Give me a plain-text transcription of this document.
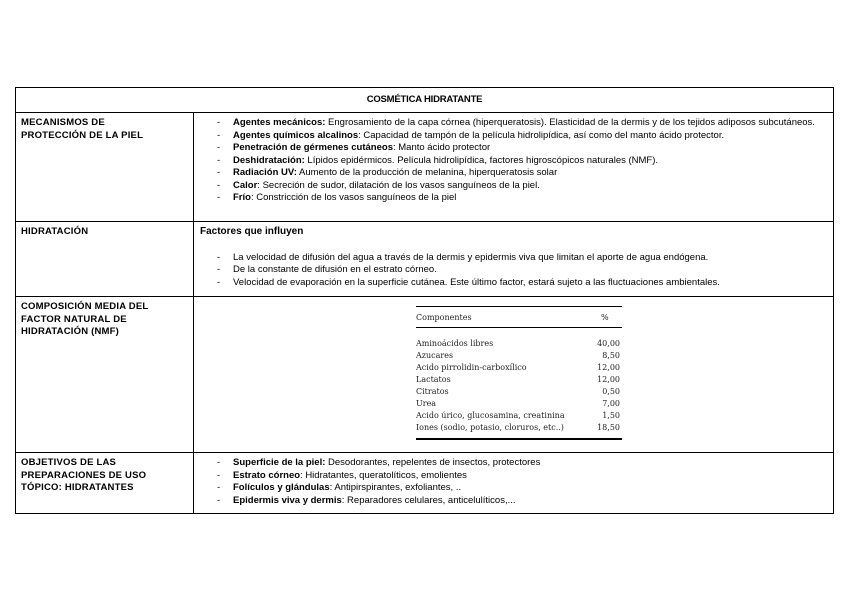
COSMÉTICA HIDRATANTE

MECANISMOS DE
PROTECCIÓN DE LA PIEL

- Agentes mecánicos: Engrosamiento de la capa córnea (hiperqueratosis). Elasticidad de la dermis y de los tejidos adiposos subcutáneos.
- Agentes químicos alcalinos: Capacidad de tampón de la película hidrolipídica, así como del manto ácido protector.
- Penetración de gérmenes cutáneos: Manto ácido protector
- Deshidratación: Lípidos epidérmicos. Película hidrolipídica, factores higroscópicos naturales (NMF).
- Radiación UV: Aumento de la producción de melanina, hiperqueratosis solar
- Calor: Secreción de sudor, dilatación de los vasos sanguíneos de la piel.
- Frío: Constricción de los vasos sanguíneos de la piel

HIDRATACIÓN	Factores que influyen
- La velocidad de difusión del agua a través de la dermis y epidermis viva que limitan el aporte de agua endógena.
- De la constante de difusión en el estrato córneo.
- Velocidad de evaporación en la superficie cutánea. Este último factor, estará sujeto a las fluctuaciones ambientales.

COMPOSICIÓN MEDIA DEL
FACTOR NATURAL DE
HIDRATACIÓN (NMF)

Componentes	%

Aminoácidos libres	40,00
Azucares	8,50
Acido pirrolidin-carboxílico	12,00
Lactatos	12,00
Citratos	0,50
Urea	7,00
Acido úrico, glucosamina, creatinina	1,50
Iones (sodio, potasio, cloruros, etc..)	18,50

OBJETIVOS DE LAS
PREPARACIONES DE USO
TÓPICO: HIDRATANTES

- Superficie de la piel: Desodorantes, repelentes de insectos, protectores
- Estrato córneo: Hidratantes, queratolíticos, emolientes
- Folículos y glándulas: Antipirspirantes, exfoliantes, ..
- Epidermis viva y dermis: Reparadores celulares, anticelulíticos,...
